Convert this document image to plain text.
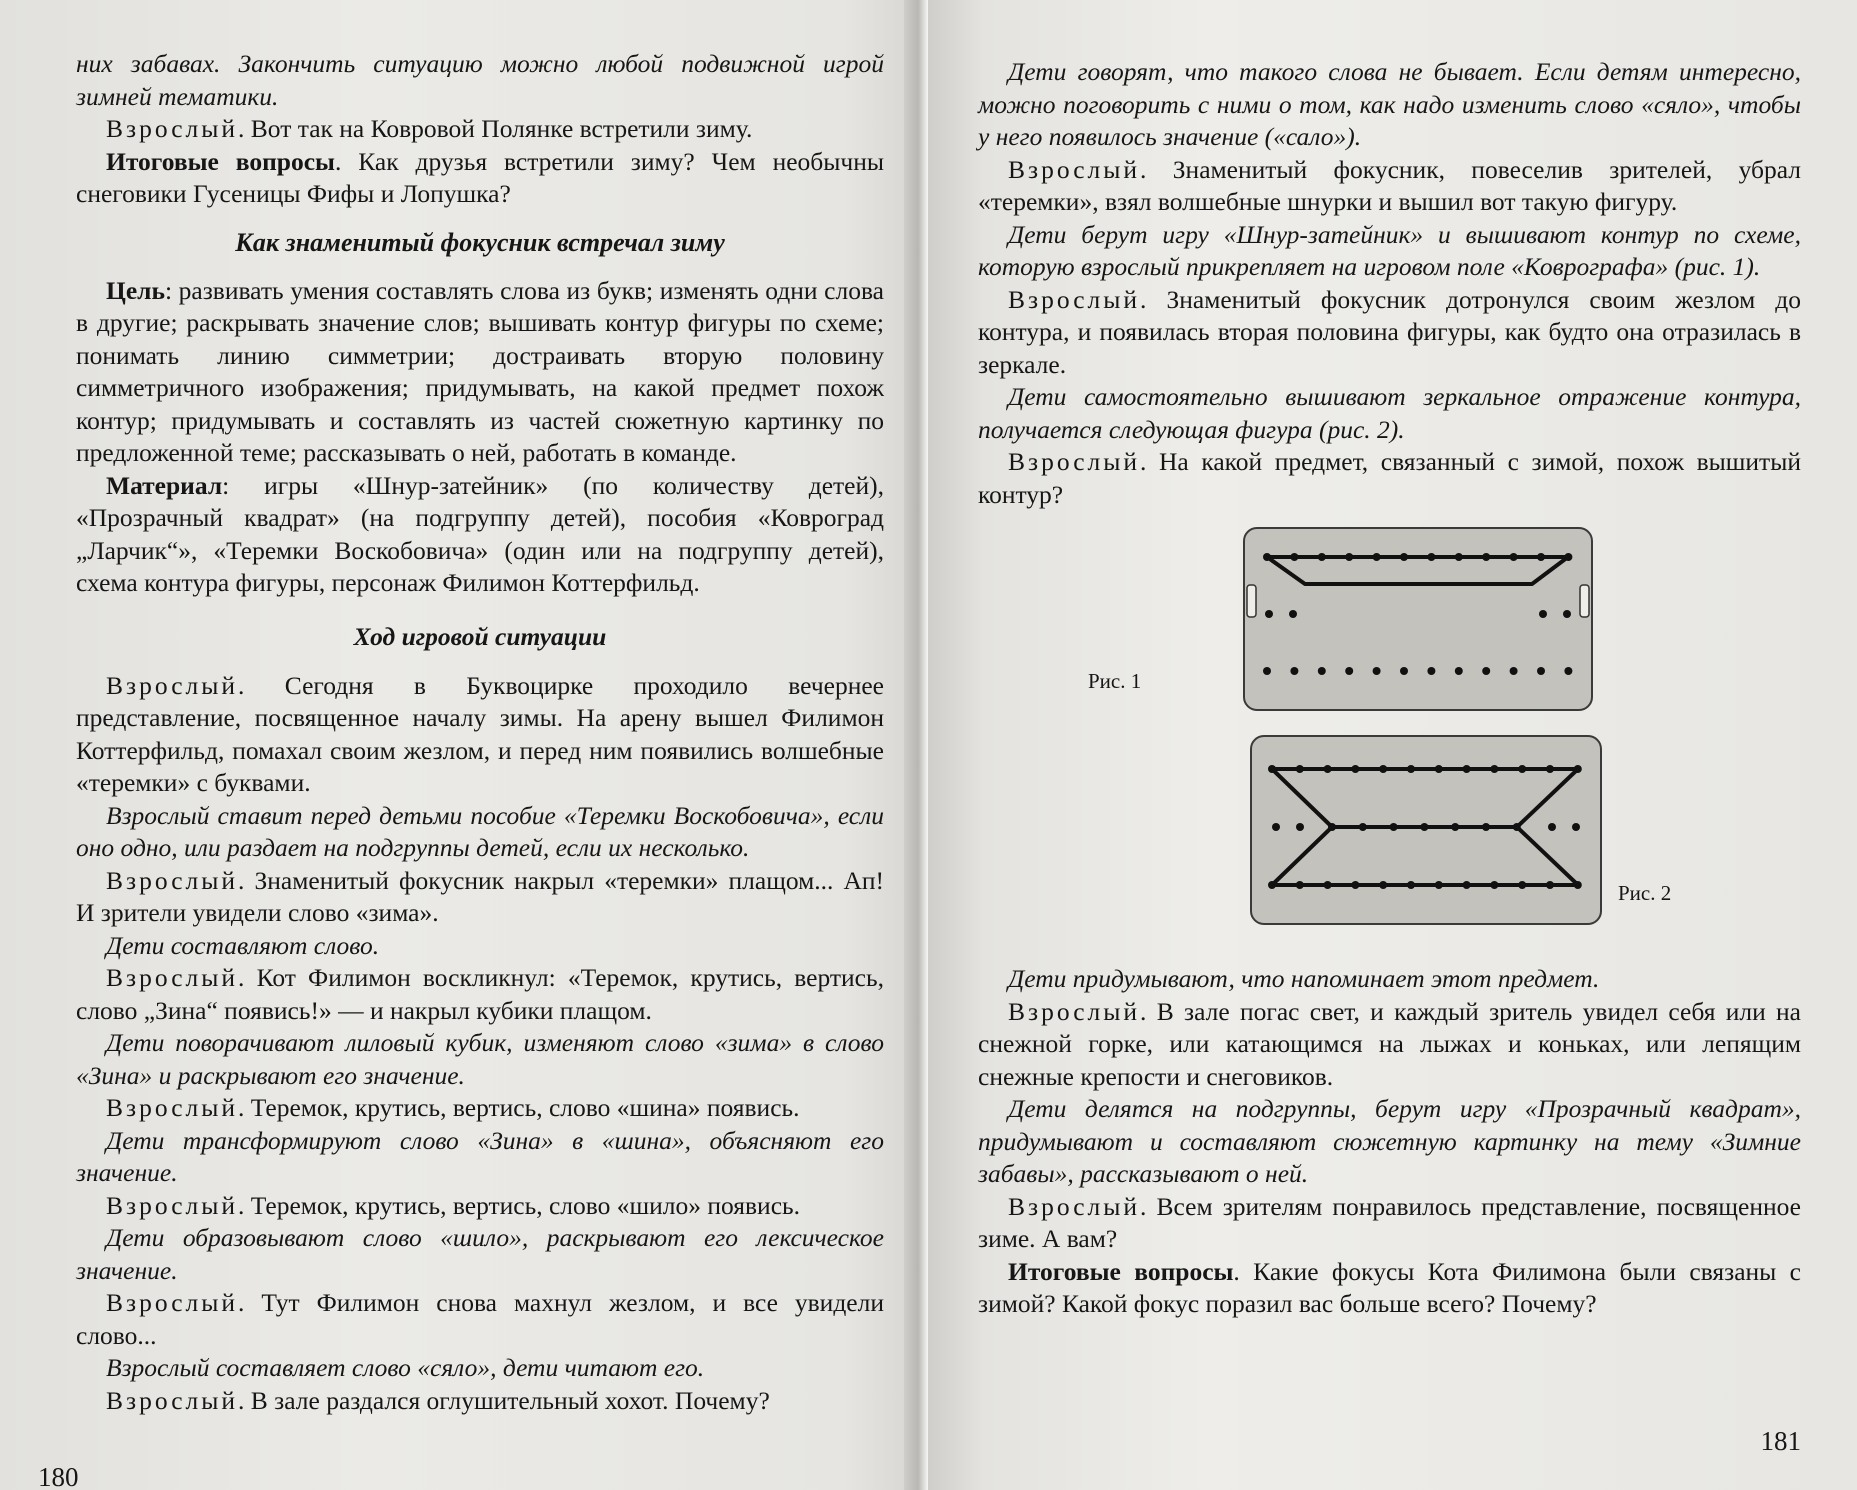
них забавах. Закончить ситуацию можно любой подвижной игрой зимней тематики.

Взрослый. Вот так на Ковровой Полянке встретили зиму.

Итоговые вопросы. Как друзья встретили зиму? Чем необычны снеговики Гусеницы Фифы и Лопушка?

Как знаменитый фокусник встречал зиму

Цель: развивать умения составлять слова из букв; изменять одни слова в другие; раскрывать значение слов; вышивать контур фигуры по схеме; понимать линию симметрии; достраивать вторую половину симметричного изображения; придумывать, на какой предмет похож контур; придумывать и составлять из частей сюжетную картинку по предложенной теме; рассказывать о ней, работать в команде.

Материал: игры «Шнур-затейник» (по количеству детей), «Прозрачный квадрат» (на подгруппу детей), пособия «Ковроград „Ларчик“», «Теремки Воскобовича» (один или на подгруппу детей), схема контура фигуры, персонаж Филимон Коттерфильд.

Ход игровой ситуации

Взрослый. Сегодня в Буквоцирке проходило вечернее представление, посвященное началу зимы. На арену вышел Филимон Коттерфильд, помахал своим жезлом, и перед ним появились волшебные «теремки» с буквами.

Взрослый ставит перед детьми пособие «Теремки Воскобовича», если оно одно, или раздает на подгруппы детей, если их несколько.

Взрослый. Знаменитый фокусник накрыл «теремки» плащом... Ап! И зрители увидели слово «зима».

Дети составляют слово.

Взрослый. Кот Филимон воскликнул: «Теремок, крутись, вертись, слово „Зина“ появись!» — и накрыл кубики плащом.

Дети поворачивают лиловый кубик, изменяют слово «зима» в слово «Зина» и раскрывают его значение.

Взрослый. Теремок, крутись, вертись, слово «шина» появись.

Дети трансформируют слово «Зина» в «шина», объясняют его значение.

Взрослый. Теремок, крутись, вертись, слово «шило» появись.

Дети образовывают слово «шило», раскрывают его лексическое значение.

Взрослый. Тут Филимон снова махнул жезлом, и все увидели слово...

Взрослый составляет слово «сяло», дети читают его.

Взрослый. В зале раздался оглушительный хохот. Почему?

180

Дети говорят, что такого слова не бывает. Если детям интересно, можно поговорить с ними о том, как надо изменить слово «сяло», чтобы у него появилось значение («сало»).

Взрослый. Знаменитый фокусник, повеселив зрителей, убрал «теремки», взял волшебные шнурки и вышил вот такую фигуру.

Дети берут игру «Шнур-затейник» и вышивают контур по схеме, которую взрослый прикрепляет на игровом поле «Коврографа» (рис. 1).

Взрослый. Знаменитый фокусник дотронулся своим жезлом до контура, и появилась вторая половина фигуры, как будто она отразилась в зеркале.

Дети самостоятельно вышивают зеркальное отражение контура, получается следующая фигура (рис. 2).

Взрослый. На какой предмет, связанный с зимой, похож вышитый контур?

Рис. 1
Рис. 2

Дети придумывают, что напоминает этот предмет.

Взрослый. В зале погас свет, и каждый зритель увидел себя или на снежной горке, или катающимся на лыжах и коньках, или лепящим снежные крепости и снеговиков.

Дети делятся на подгруппы, берут игру «Прозрачный квадрат», придумывают и составляют сюжетную картинку на тему «Зимние забавы», рассказывают о ней.

Взрослый. Всем зрителям понравилось представление, посвященное зиме. А вам?

Итоговые вопросы. Какие фокусы Кота Филимона были связаны с зимой? Какой фокус поразил вас больше всего? Почему?

181
